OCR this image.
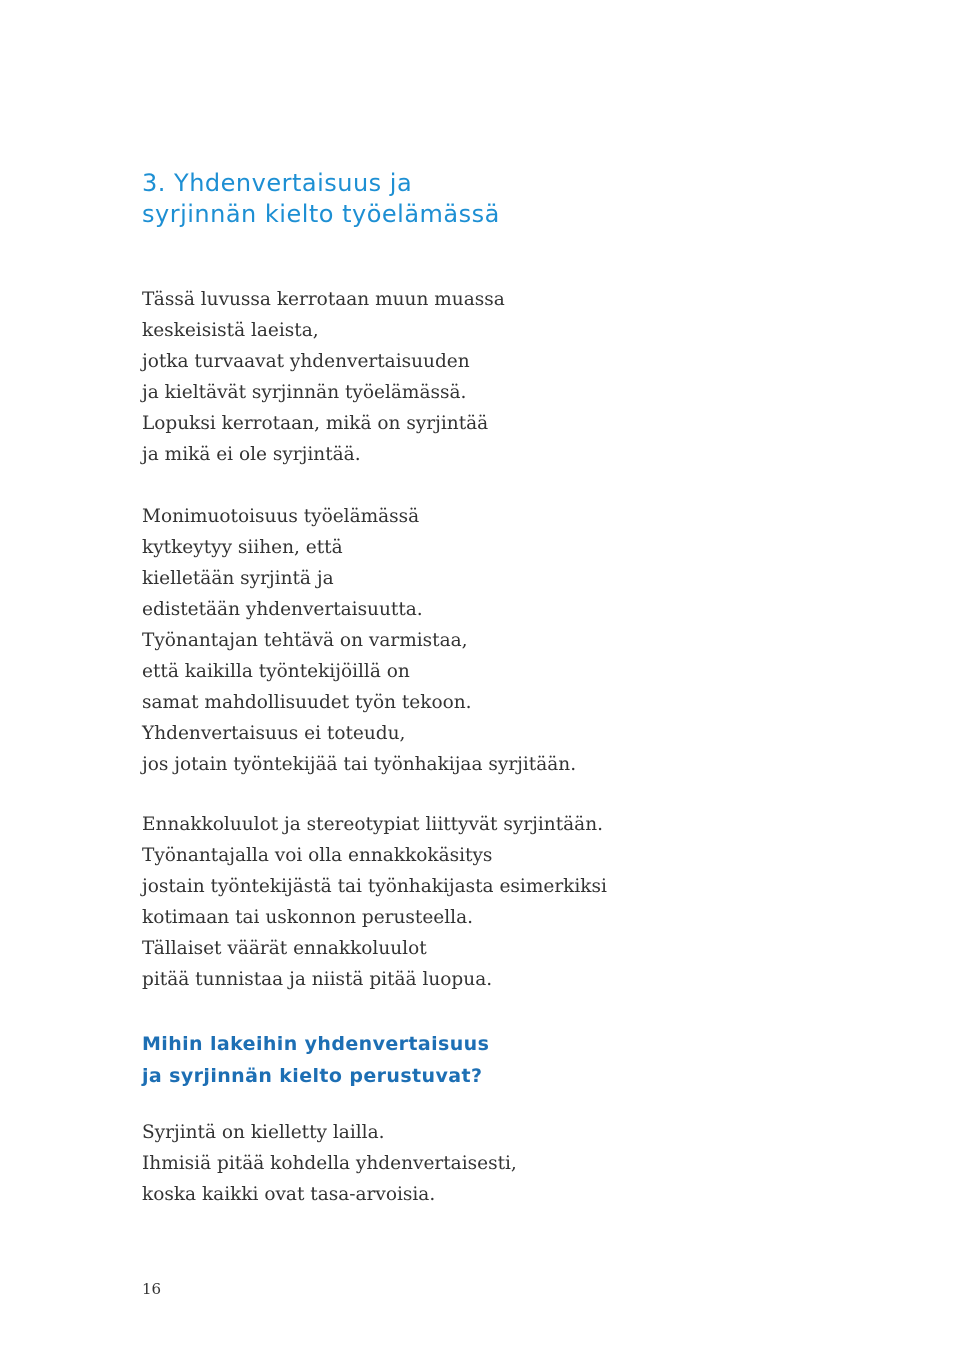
3. Yhdenvertaisuus ja
syrjinnän kielto työelämässä

Tässä luvussa kerrotaan muun muassa
keskeisistä laeista,
jotka turvaavat yhdenvertaisuuden
ja kieltävät syrjinnän työelämässä.
Lopuksi kerrotaan, mikä on syrjintää
ja mikä ei ole syrjintää.

Monimuotoisuus työelämässä
kytkeytyy siihen, että
kielletään syrjintä ja
edistetään yhdenvertaisuutta.
Työnantajan tehtävä on varmistaa,
että kaikilla työntekijöillä on
samat mahdollisuudet työn tekoon.
Yhdenvertaisuus ei toteudu,
jos jotain työntekijää tai työnhakijaa syrjitään.

Ennakkoluulot ja stereotypiat liittyvät syrjintään.
Työnantajalla voi olla ennakkokäsitys
jostain työntekijästä tai työnhakijasta esimerkiksi
kotimaan tai uskonnon perusteella.
Tällaiset väärät ennakkoluulot
pitää tunnistaa ja niistä pitää luopua.

Mihin lakeihin yhdenvertaisuus
ja syrjinnän kielto perustuvat?

Syrjintä on kielletty lailla.
Ihmisiä pitää kohdella yhdenvertaisesti,
koska kaikki ovat tasa-arvoisia.

16
